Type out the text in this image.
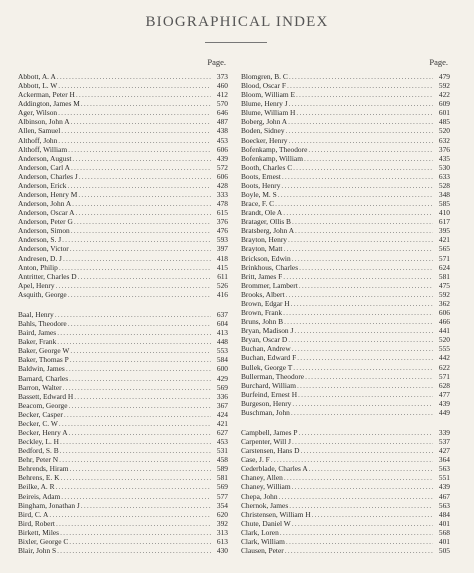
BIOGRAPHICAL INDEX
Page.
Abbott, A. A .....	373
Abbott, L. W .....	460
Ackerman, Peter H .....	412
Addington, James M .....	570
Ager, Wilson .....	646
Albinson, John A .....	487
Allen, Samuel .....	438
Althoff, John .....	453
Althoff, William .....	606
Anderson, August .....	439
Anderson, Carl A .....	572
Anderson, Charles J .....	606
Anderson, Erick .....	428
Anderson, Henry M .....	333
Anderson, John A .....	478
Anderson, Oscar A .....	615
Anderson, Peter G .....	376
Anderson, Simon .....	476
Anderson, S. J .....	593
Anderson, Victor .....	397
Andresen, D. J .....	418
Anton, Philip .....	415
Antritter, Charles D .....	611
Apel, Henry .....	526
Asquith, George .....	416
Baal, Henry .....	637
Bahls, Theodore .....	604
Baird, James .....	413
Baker, Frank .....	448
Baker, George W .....	553
Baker, Thomas P .....	584
Baldwin, James .....	600
Barnard, Charles .....	429
Barron, Walter .....	569
Bassett, Edward H .....	336
Beacom, George .....	367
Becker, Casper .....	424
Becker, C. W .....	421
Becker, Henry A .....	627
Beckley, L. H .....	453
Bedford, S. B .....	531
Behr, Peter N .....	458
Behrends, Hiram .....	589
Behrens, E. K .....	581
Beilke, A. R .....	569
Beireis, Adam .....	577
Bingham, Jonathan J .....	354
Bird, C. A .....	620
Bird, Robert .....	392
Birkett, Miles .....	313
Bixler, George C .....	613
Blair, John S .....	430
Page.
Blomgren, B. C .....	479
Blood, Oscar F .....	592
Bloom, William E .....	422
Blume, Henry J .....	609
Blume, William H .....	601
Boberg, John A .....	485
Boden, Sidney .....	520
Boecker, Henry .....	632
Bofenkamp, Theodore .....	376
Bofenkamp, William .....	435
Booth, Charles C .....	530
Boots, Ernest .....	633
Boots, Henry .....	528
Boyle, M. S .....	348
Brace, F. C .....	585
Brandt, Ole A .....	410
Bratager, Ollis B .....	617
Bratsberg, John A .....	395
Brayton, Henry .....	421
Brayton, Matt .....	565
Brickson, Edwin .....	571
Brinkhous, Charles .....	624
Britt, James F .....	581
Brommer, Lambert .....	475
Brooks, Albert .....	592
Brown, Edgar H .....	362
Brown, Frank .....	606
Bruns, John B .....	466
Bryan, Madison J .....	441
Bryan, Oscar D .....	520
Buchan, Andrew .....	555
Buchan, Edward F .....	442
Bullek, George T .....	622
Bullerman, Theodore .....	571
Burchard, William .....	628
Burfeind, Ernest H .....	477
Burgeson, Henry .....	439
Buschman, John .....	449
Campbell, James P .....	339
Carpenter, Will J .....	537
Carstensen, Hans D .....	427
Case, J. F .....	364
Cederblade, Charles A .....	563
Chaney, Allen .....	551
Chaney, William .....	439
Chepa, John .....	467
Chernok, James .....	563
Christensen, William H .....	484
Chute, Daniel W .....	401
Clark, Loren .....	568
Clark, William .....	401
Clausen, Peter .....	505
